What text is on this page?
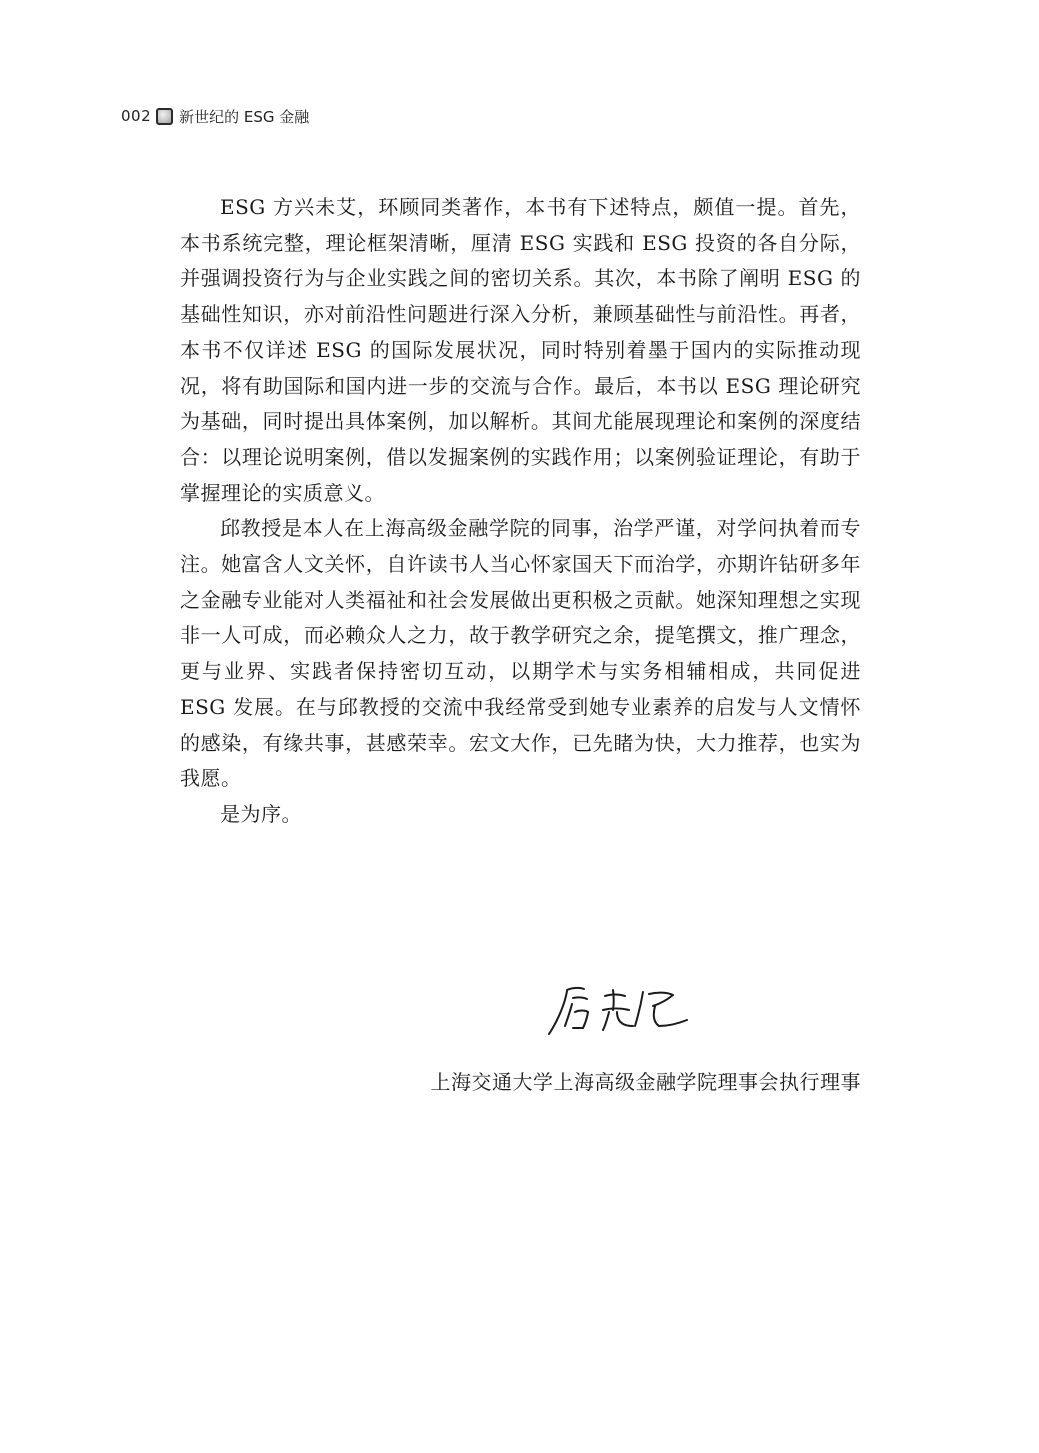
002 新世纪的 ESG 金融

ESG 方兴未艾，环顾同类著作，本书有下述特点，颇值一提。首先，本书系统完整，理论框架清晰，厘清 ESG 实践和 ESG 投资的各自分际，并强调投资行为与企业实践之间的密切关系。其次，本书除了阐明 ESG 的基础性知识，亦对前沿性问题进行深入分析，兼顾基础性与前沿性。再者，本书不仅详述 ESG 的国际发展状况，同时特别着墨于国内的实际推动现况，将有助国际和国内进一步的交流与合作。最后，本书以 ESG 理论研究为基础，同时提出具体案例，加以解析。其间尤能展现理论和案例的深度结合：以理论说明案例，借以发掘案例的实践作用；以案例验证理论，有助于掌握理论的实质意义。

邱教授是本人在上海高级金融学院的同事，治学严谨，对学问执着而专注。她富含人文关怀，自许读书人当心怀家国天下而治学，亦期许钻研多年之金融专业能对人类福祉和社会发展做出更积极之贡献。她深知理想之实现非一人可成，而必赖众人之力，故于教学研究之余，提笔撰文，推广理念，更与业界、实践者保持密切互动，以期学术与实务相辅相成，共同促进 ESG 发展。在与邱教授的交流中我经常受到她专业素养的启发与人文情怀的感染，有缘共事，甚感荣幸。宏文大作，已先睹为快，大力推荐，也实为我愿。

是为序。

上海交通大学上海高级金融学院理事会执行理事
